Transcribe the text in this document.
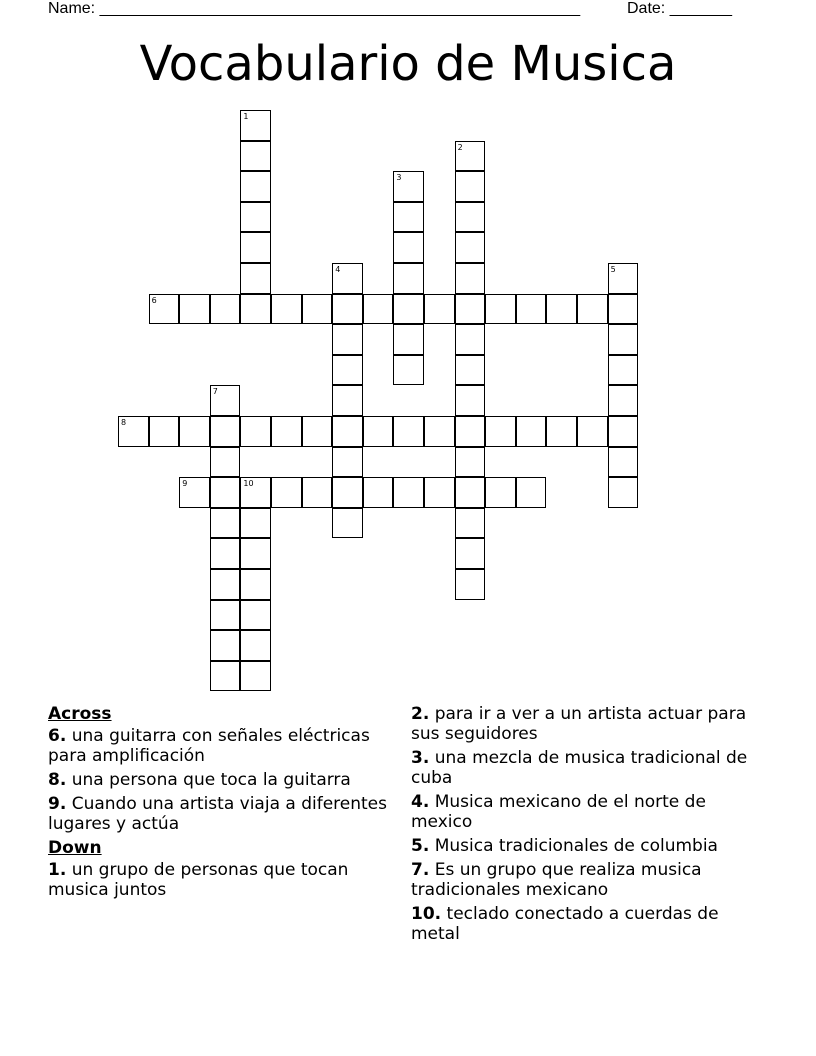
Name: ______________________________________________________	Date: _______
Vocabulario de Musica
1
2
3
4	5
6
7
8
9	10
Across
6. una guitarra con señales eléctricas para amplificación
8. una persona que toca la guitarra
9. Cuando una artista viaja a diferentes lugares y actúa
Down
1. un grupo de personas que tocan musica juntos
2. para ir a ver a un artista actuar para sus seguidores
3. una mezcla de musica tradicional de cuba
4. Musica mexicano de el norte de mexico
5. Musica tradicionales de columbia
7. Es un grupo que realiza musica tradicionales mexicano
10. teclado conectado a cuerdas de metal
